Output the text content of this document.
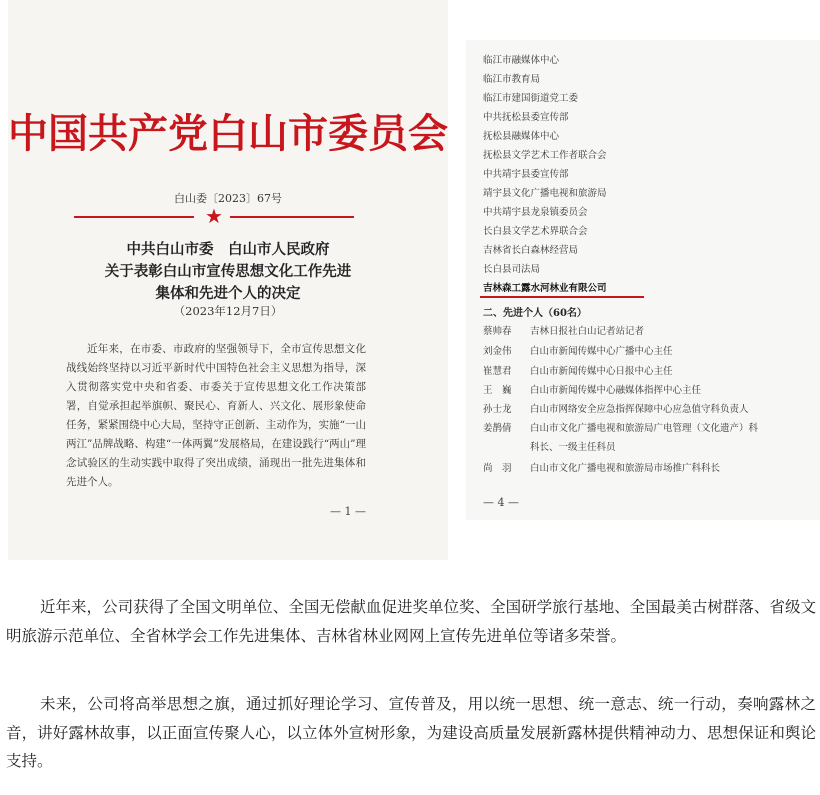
中国共产党白山市委员会
白山委〔2023〕67号
★
中共白山市委　白山市人民政府
关于表彰白山市宣传思想文化工作先进
集体和先进个人的决定
（2023年12月7日）
近年来，在市委、市政府的坚强领导下，全市宣传思想文化战线始终坚持以习近平新时代中国特色社会主义思想为指导，深入贯彻落实党中央和省委、市委关于宣传思想文化工作决策部署，自觉承担起举旗帜、聚民心、育新人、兴文化、展形象使命任务，紧紧围绕中心大局，坚持守正创新、主动作为，实施“一山两江”品牌战略、构建“一体两翼”发展格局，在建设践行“两山”理念试验区的生动实践中取得了突出成绩，涌现出一批先进集体和先进个人。
— 1 —
临江市融媒体中心
临江市教育局
临江市建国街道党工委
中共抚松县委宣传部
抚松县融媒体中心
抚松县文学艺术工作者联合会
中共靖宇县委宣传部
靖宇县文化广播电视和旅游局
中共靖宇县龙泉镇委员会
长白县文学艺术界联合会
吉林省长白森林经营局
长白县司法局
吉林森工露水河林业有限公司
二、先进个人（60名）
蔡帅春 吉林日报社白山记者站记者
刘金伟 白山市新闻传媒中心广播中心主任
崔慧君 白山市新闻传媒中心日报中心主任
王　巍 白山市新闻传媒中心融媒体指挥中心主任
孙士龙 白山市网络安全应急指挥保障中心应急值守科负责人
姜鹊倩 白山市文化广播电视和旅游局广电管理（文化遗产）科
科长、一级主任科员
尚　羽 白山市文化广播电视和旅游局市场推广科科长
— 4 —

近年来，公司获得了全国文明单位、全国无偿献血促进奖单位奖、全国研学旅行基地、全国最美古树群落、省级文明旅游示范单位、全省林学会工作先进集体、吉林省林业网网上宣传先进单位等诸多荣誉。

未来，公司将高举思想之旗，通过抓好理论学习、宣传普及，用以统一思想、统一意志、统一行动，奏响露林之音，讲好露林故事，以正面宣传聚人心，以立体外宣树形象，为建设高质量发展新露林提供精神动力、思想保证和舆论支持。
